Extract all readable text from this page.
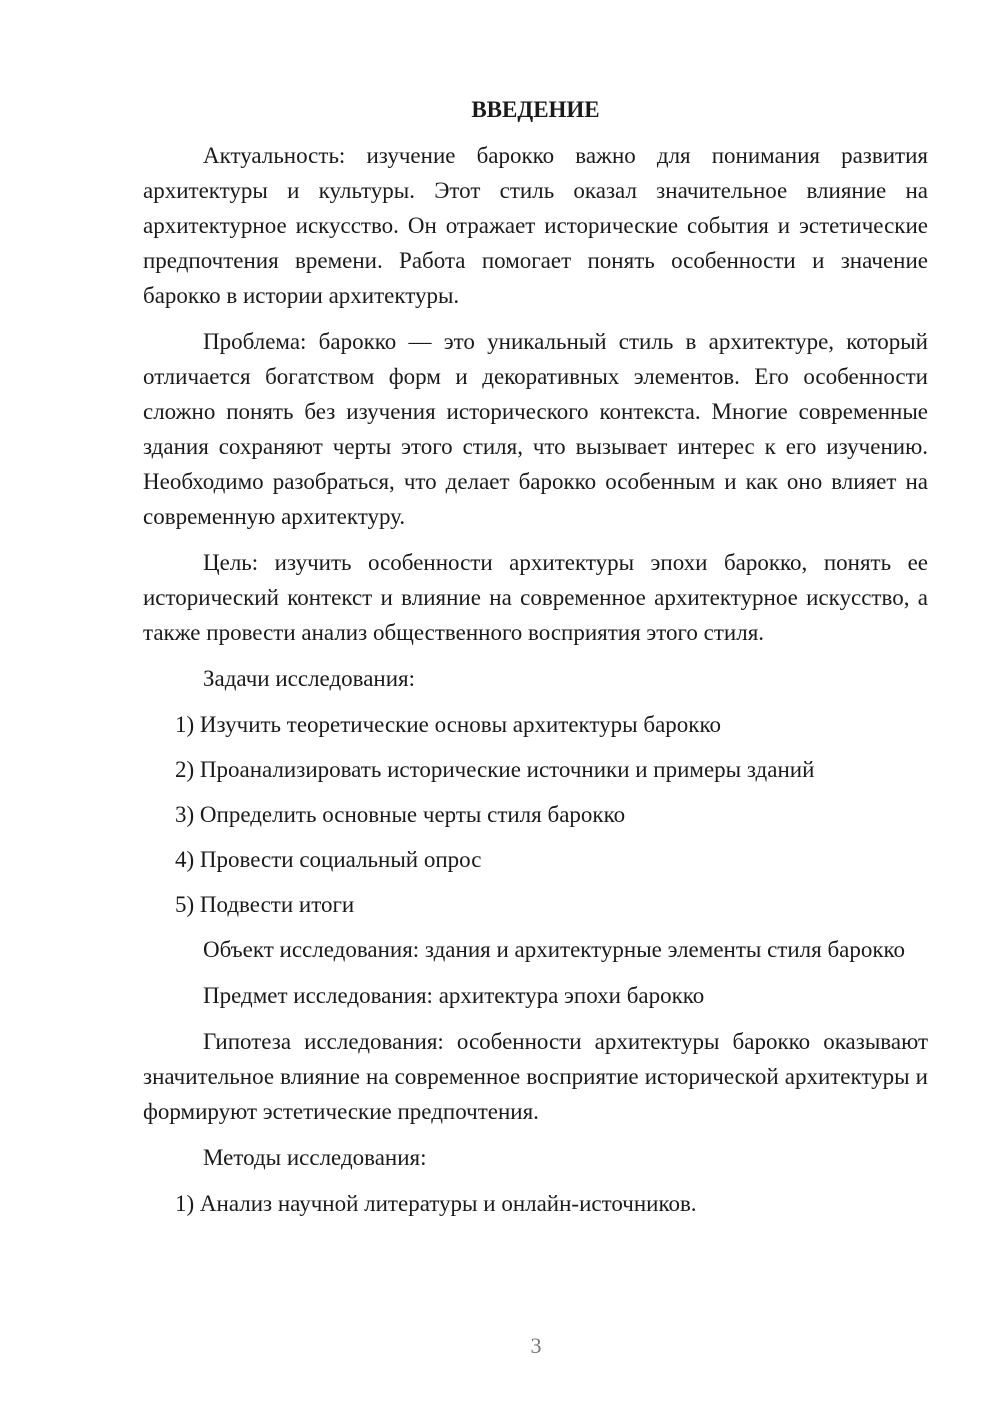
ВВЕДЕНИЕ

Актуальность: изучение барокко важно для понимания развития архитектуры и культуры. Этот стиль оказал значительное влияние на архитектурное искусство. Он отражает исторические события и эстетические предпочтения времени. Работа помогает понять особенности и значение барокко в истории архитектуры.

Проблема: барокко — это уникальный стиль в архитектуре, который отличается богатством форм и декоративных элементов. Его особенности сложно понять без изучения исторического контекста. Многие современные здания сохраняют черты этого стиля, что вызывает интерес к его изучению. Необходимо разобраться, что делает барокко особенным и как оно влияет на современную архитектуру.

Цель: изучить особенности архитектуры эпохи барокко, понять ее исторический контекст и влияние на современное архитектурное искусство, а также провести анализ общественного восприятия этого стиля.

Задачи исследования:

1) Изучить теоретические основы архитектуры барокко

2) Проанализировать исторические источники и примеры зданий

3) Определить основные черты стиля барокко

4) Провести социальный опрос

5) Подвести итоги

Объект исследования: здания и архитектурные элементы стиля барокко

Предмет исследования: архитектура эпохи барокко

Гипотеза исследования: особенности архитектуры барокко оказывают значительное влияние на современное восприятие исторической архитектуры и формируют эстетические предпочтения.

Методы исследования:

1) Анализ научной литературы и онлайн-источников.

3
